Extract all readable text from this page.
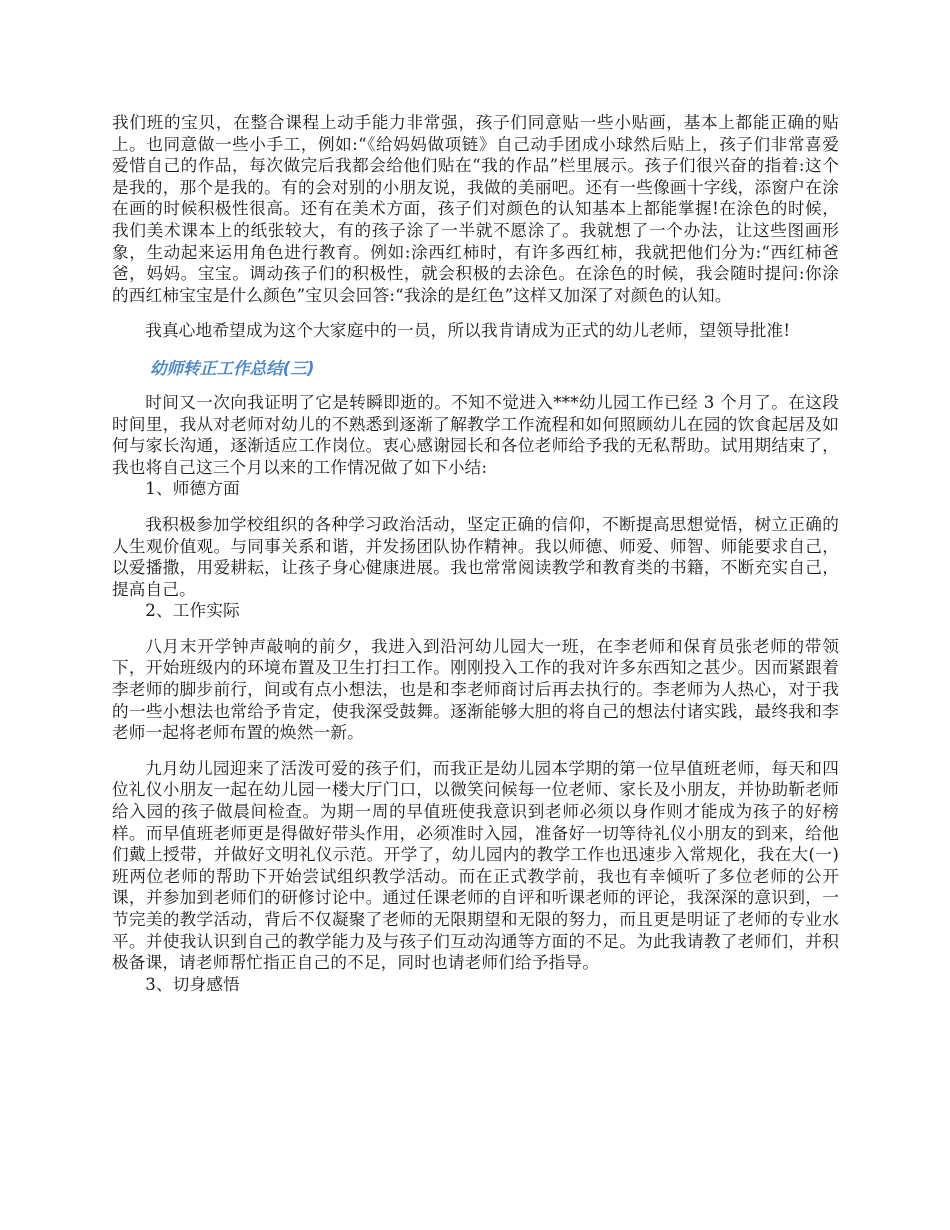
我们班的宝贝，在整合课程上动手能力非常强，孩子们同意贴一些小贴画，基本上都能正确的贴上。也同意做一些小手工，例如:“《给妈妈做项链》自己动手团成小球然后贴上，孩子们非常喜爱爱惜自己的作品，每次做完后我都会给他们贴在“我的作品”栏里展示。孩子们很兴奋的指着:这个是我的，那个是我的。有的会对别的小朋友说，我做的美丽吧。还有一些像画十字线，添窗户在涂在画的时候积极性很高。还有在美术方面，孩子们对颜色的认知基本上都能掌握!在涂色的时候，我们美术课本上的纸张较大，有的孩子涂了一半就不愿涂了。我就想了一个办法，让这些图画形象，生动起来运用角色进行教育。例如:涂西红柿时，有许多西红柿，我就把他们分为:“西红柿爸爸，妈妈。宝宝。调动孩子们的积极性，就会积极的去涂色。在涂色的时候，我会随时提问:你涂的西红柿宝宝是什么颜色”宝贝会回答:“我涂的是红色”这样又加深了对颜色的认知。

我真心地希望成为这个大家庭中的一员，所以我肯请成为正式的幼儿老师，望领导批准!

幼师转正工作总结(三)

时间又一次向我证明了它是转瞬即逝的。不知不觉进入***幼儿园工作已经 3 个月了。在这段时间里，我从对老师对幼儿的不熟悉到逐渐了解教学工作流程和如何照顾幼儿在园的饮食起居及如何与家长沟通，逐渐适应工作岗位。衷心感谢园长和各位老师给予我的无私帮助。试用期结束了，我也将自己这三个月以来的工作情况做了如下小结:

1、师德方面

我积极参加学校组织的各种学习政治活动，坚定正确的信仰，不断提高思想觉悟，树立正确的人生观价值观。与同事关系和谐，并发扬团队协作精神。我以师德、师爱、师智、师能要求自己，以爱播撒，用爱耕耘，让孩子身心健康进展。我也常常阅读教学和教育类的书籍，不断充实自己，提高自己。

2、工作实际

八月末开学钟声敲响的前夕，我进入到沿河幼儿园大一班，在李老师和保育员张老师的带领下，开始班级内的环境布置及卫生打扫工作。刚刚投入工作的我对许多东西知之甚少。因而紧跟着李老师的脚步前行，间或有点小想法，也是和李老师商讨后再去执行的。李老师为人热心，对于我的一些小想法也常给予肯定，使我深受鼓舞。逐渐能够大胆的将自己的想法付诸实践，最终我和李老师一起将老师布置的焕然一新。

九月幼儿园迎来了活泼可爱的孩子们，而我正是幼儿园本学期的第一位早值班老师，每天和四位礼仪小朋友一起在幼儿园一楼大厅门口，以微笑问候每一位老师、家长及小朋友，并协助靳老师给入园的孩子做晨间检查。为期一周的早值班使我意识到老师必须以身作则才能成为孩子的好榜样。而早值班老师更是得做好带头作用，必须准时入园，准备好一切等待礼仪小朋友的到来，给他们戴上授带，并做好文明礼仪示范。开学了，幼儿园内的教学工作也迅速步入常规化，我在大(一)班两位老师的帮助下开始尝试组织教学活动。而在正式教学前，我也有幸倾听了多位老师的公开课，并参加到老师们的研修讨论中。通过任课老师的自评和听课老师的评论，我深深的意识到，一节完美的教学活动，背后不仅凝聚了老师的无限期望和无限的努力，而且更是明证了老师的专业水平。并使我认识到自己的教学能力及与孩子们互动沟通等方面的不足。为此我请教了老师们，并积极备课，请老师帮忙指正自己的不足，同时也请老师们给予指导。

3、切身感悟
